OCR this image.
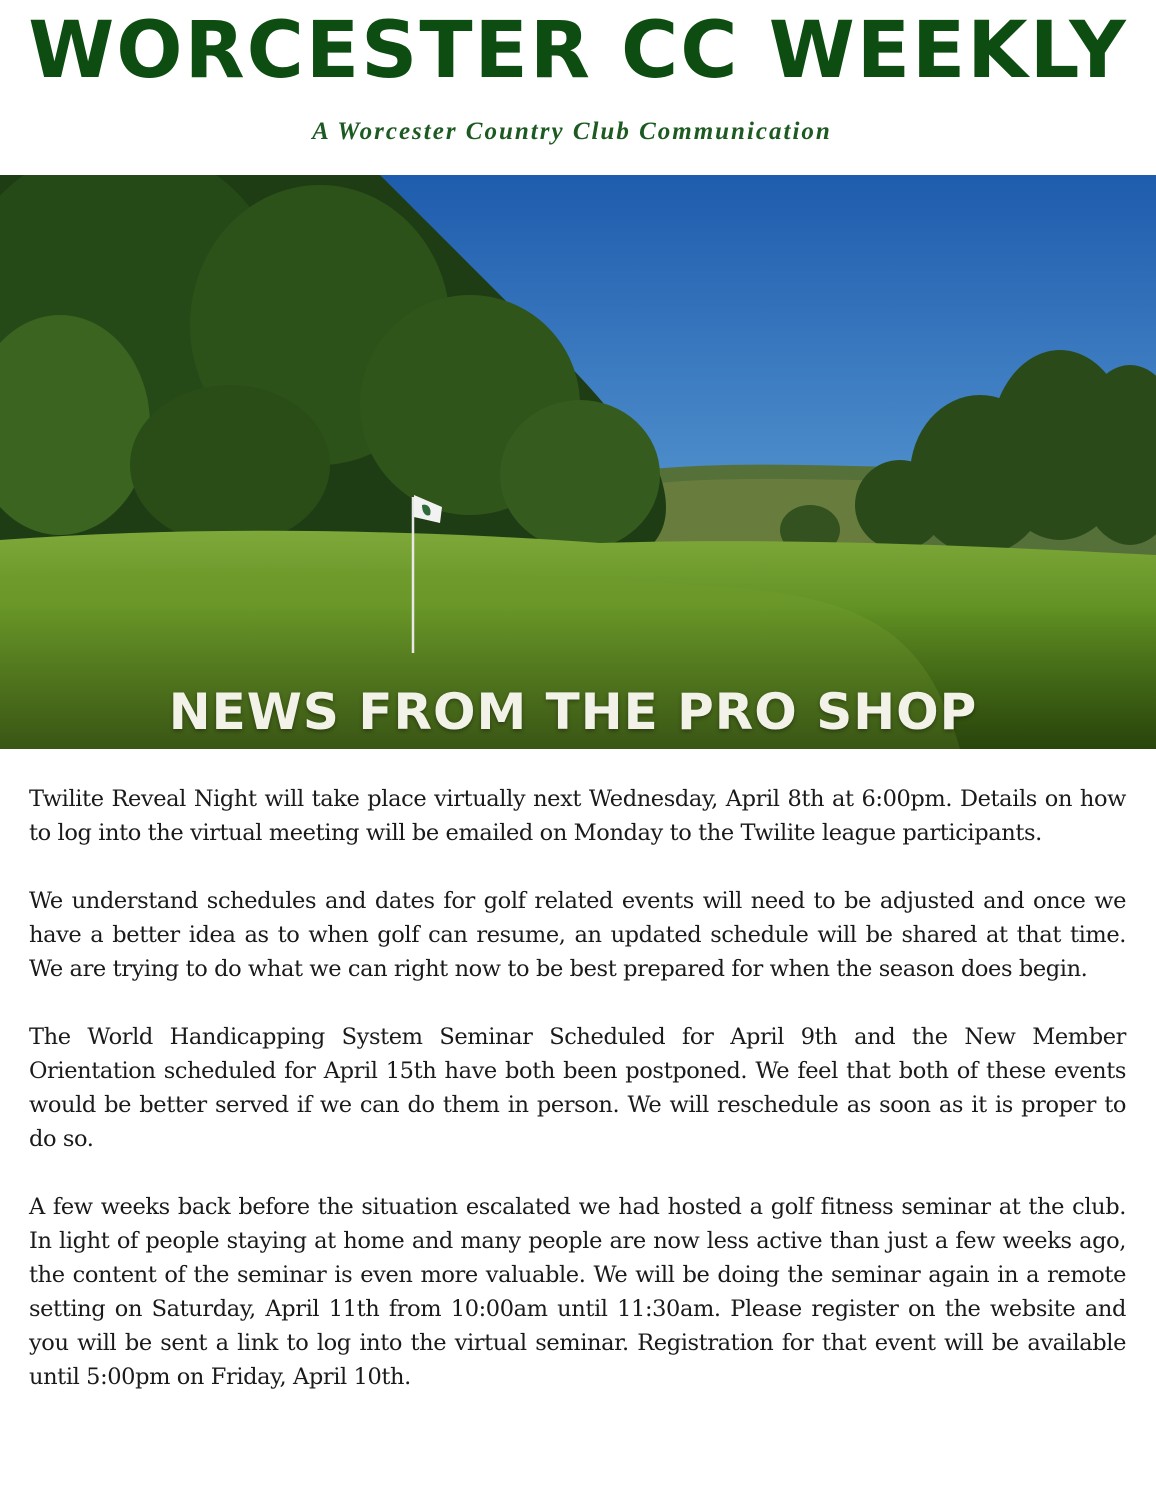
WORCESTER CC WEEKLY
A Worcester Country Club Communication
NEWS FROM THE PRO SHOP

Twilite Reveal Night will take place virtually next Wednesday, April 8th at 6:00pm. Details on how to log into the virtual meeting will be emailed on Monday to the Twilite league participants.

We understand schedules and dates for golf related events will need to be adjusted and once we have a better idea as to when golf can resume, an updated schedule will be shared at that time. We are trying to do what we can right now to be best prepared for when the season does begin.

The World Handicapping System Seminar Scheduled for April 9th and the New Member Orientation scheduled for April 15th have both been postponed. We feel that both of these events would be better served if we can do them in person. We will reschedule as soon as it is proper to do so.

A few weeks back before the situation escalated we had hosted a golf fitness seminar at the club. In light of people staying at home and many people are now less active than just a few weeks ago, the content of the seminar is even more valuable. We will be doing the seminar again in a remote setting on Saturday, April 11th from 10:00am until 11:30am. Please register on the website and you will be sent a link to log into the virtual seminar. Registration for that event will be available until 5:00pm on Friday, April 10th.
